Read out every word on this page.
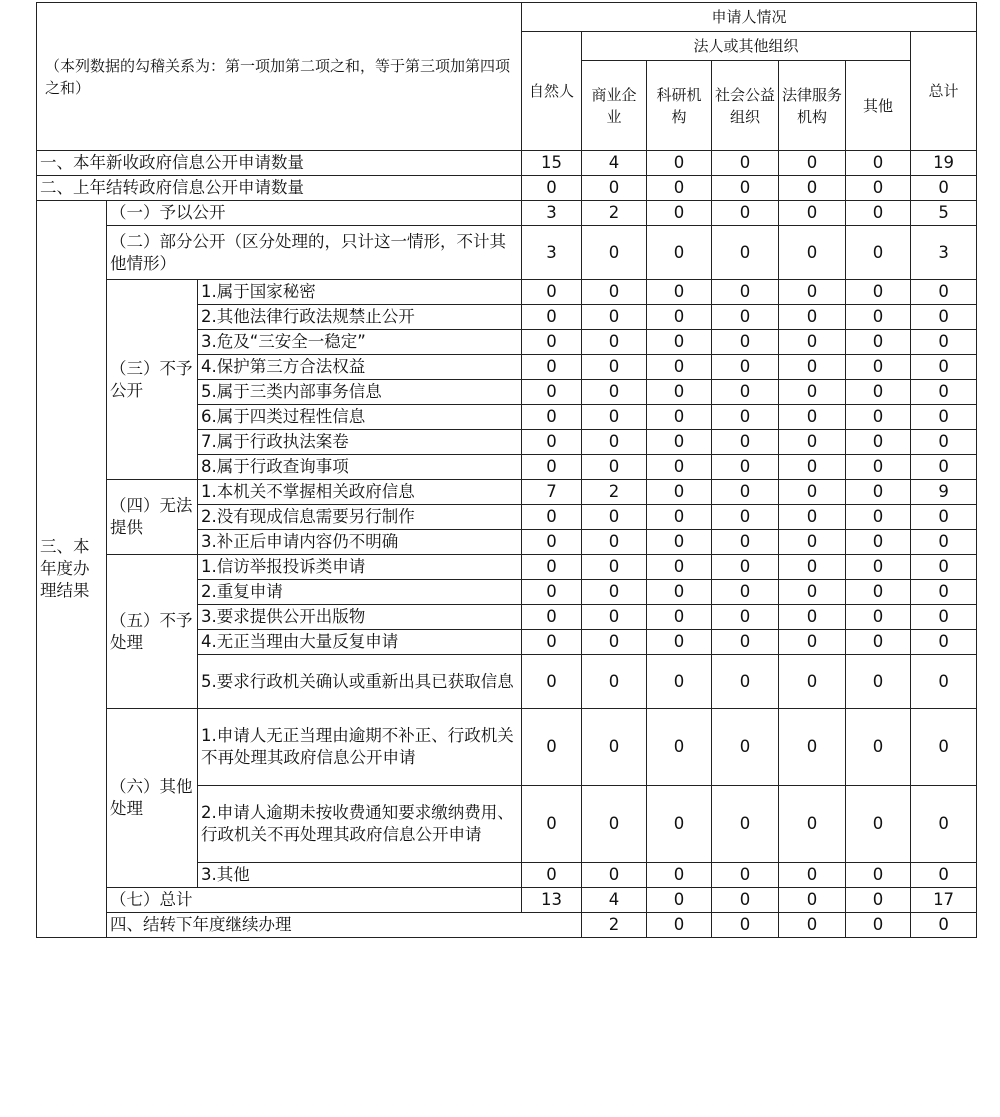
（本列数据的勾稽关系为：第一项加第二项之和，等于第三项加第四项之和）			申请人情况							
			自然人	法人或其他组织					总计	
				商业企业	科研机构	社会公益组织	法律服务机构	其他		
一、本年新收政府信息公开申请数量			15	4	0	0	0	0	19	
二、上年结转政府信息公开申请数量			0	0	0	0	0	0	0	
三、本年度办理结果	（一）予以公开		3	2	0	0	0	0	5	
	（二）部分公开（区分处理的，只计这一情形，不计其他情形）		3	0	0	0	0	0	3	
	（三）不予公开	1.属于国家秘密	0	0	0	0	0	0	0	
		2.其他法律行政法规禁止公开	0	0	0	0	0	0	0	
		3.危及“三安全一稳定”	0	0	0	0	0	0	0	
		4.保护第三方合法权益	0	0	0	0	0	0	0	
		5.属于三类内部事务信息	0	0	0	0	0	0	0	
		6.属于四类过程性信息	0	0	0	0	0	0	0	
		7.属于行政执法案卷	0	0	0	0	0	0	0	
		8.属于行政查询事项	0	0	0	0	0	0	0	
	（四）无法提供	1.本机关不掌握相关政府信息	7	2	0	0	0	0	9	
		2.没有现成信息需要另行制作	0	0	0	0	0	0	0	
		3.补正后申请内容仍不明确	0	0	0	0	0	0	0	
	（五）不予处理	1.信访举报投诉类申请	0	0	0	0	0	0	0	
		2.重复申请	0	0	0	0	0	0	0	
		3.要求提供公开出版物	0	0	0	0	0	0	0	
		4.无正当理由大量反复申请	0	0	0	0	0	0	0	
		5.要求行政机关确认或重新出具已获取信息	0	0	0	0	0	0	0	
	（六）其他处理	1.申请人无正当理由逾期不补正、行政机关不再处理其政府信息公开申请	0	0	0	0	0	0	0	
		2.申请人逾期未按收费通知要求缴纳费用、行政机关不再处理其政府信息公开申请	0	0	0	0	0	0	0	
		3.其他	0	0	0	0	0	0	0	
	（七）总计		13	4	0	0	0	0	17	
	四、结转下年度继续办理			2	0	0	0	0	0	
